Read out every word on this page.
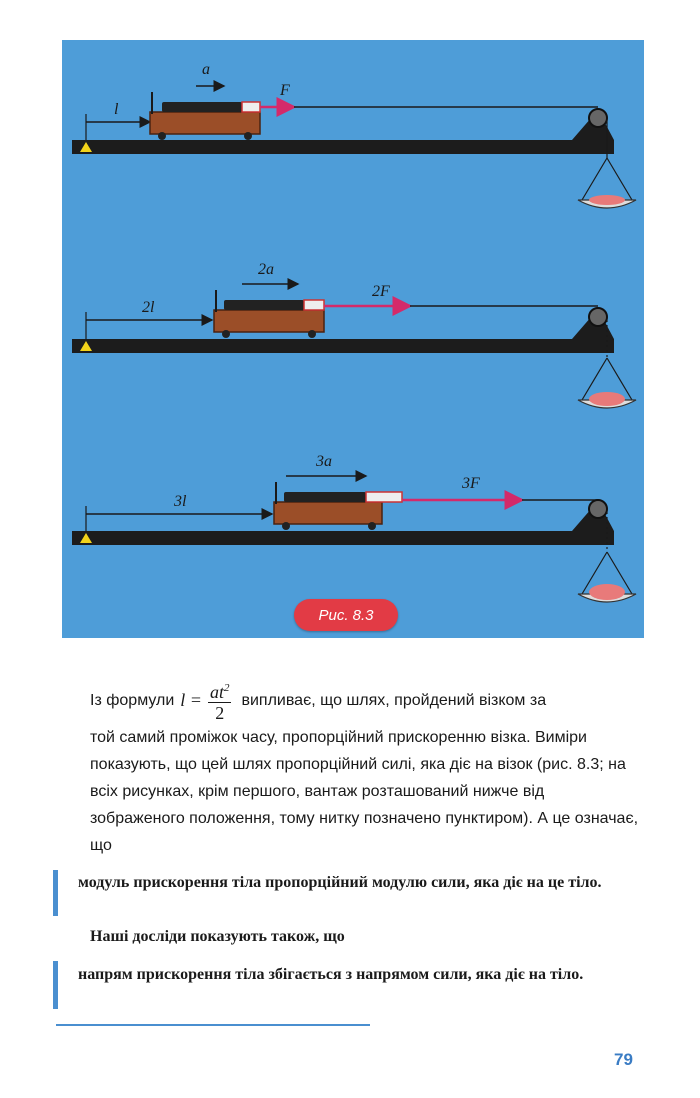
l
F
a
2l
2F
2a
3l
3F
3a
Рис. 8.3
Із формули $l = \frac{at^2}{2}$ випливає, що шлях, пройдений візком за
той самий проміжок часу, пропорційний прискоренню візка. Виміри показують, що цей шлях пропорційний силі, яка діє на візок (рис. 8.3; на всіх рисунках, крім першого, вантаж розташований нижче від зображеного положення, тому нитку позначено пунктиром). А це означає, що
модуль прискорення тіла пропорційний модулю сили, яка діє на це тіло.
Наші досліди показують також, що
напрям прискорення тіла збігається з напрямом сили, яка діє на тіло.
79
